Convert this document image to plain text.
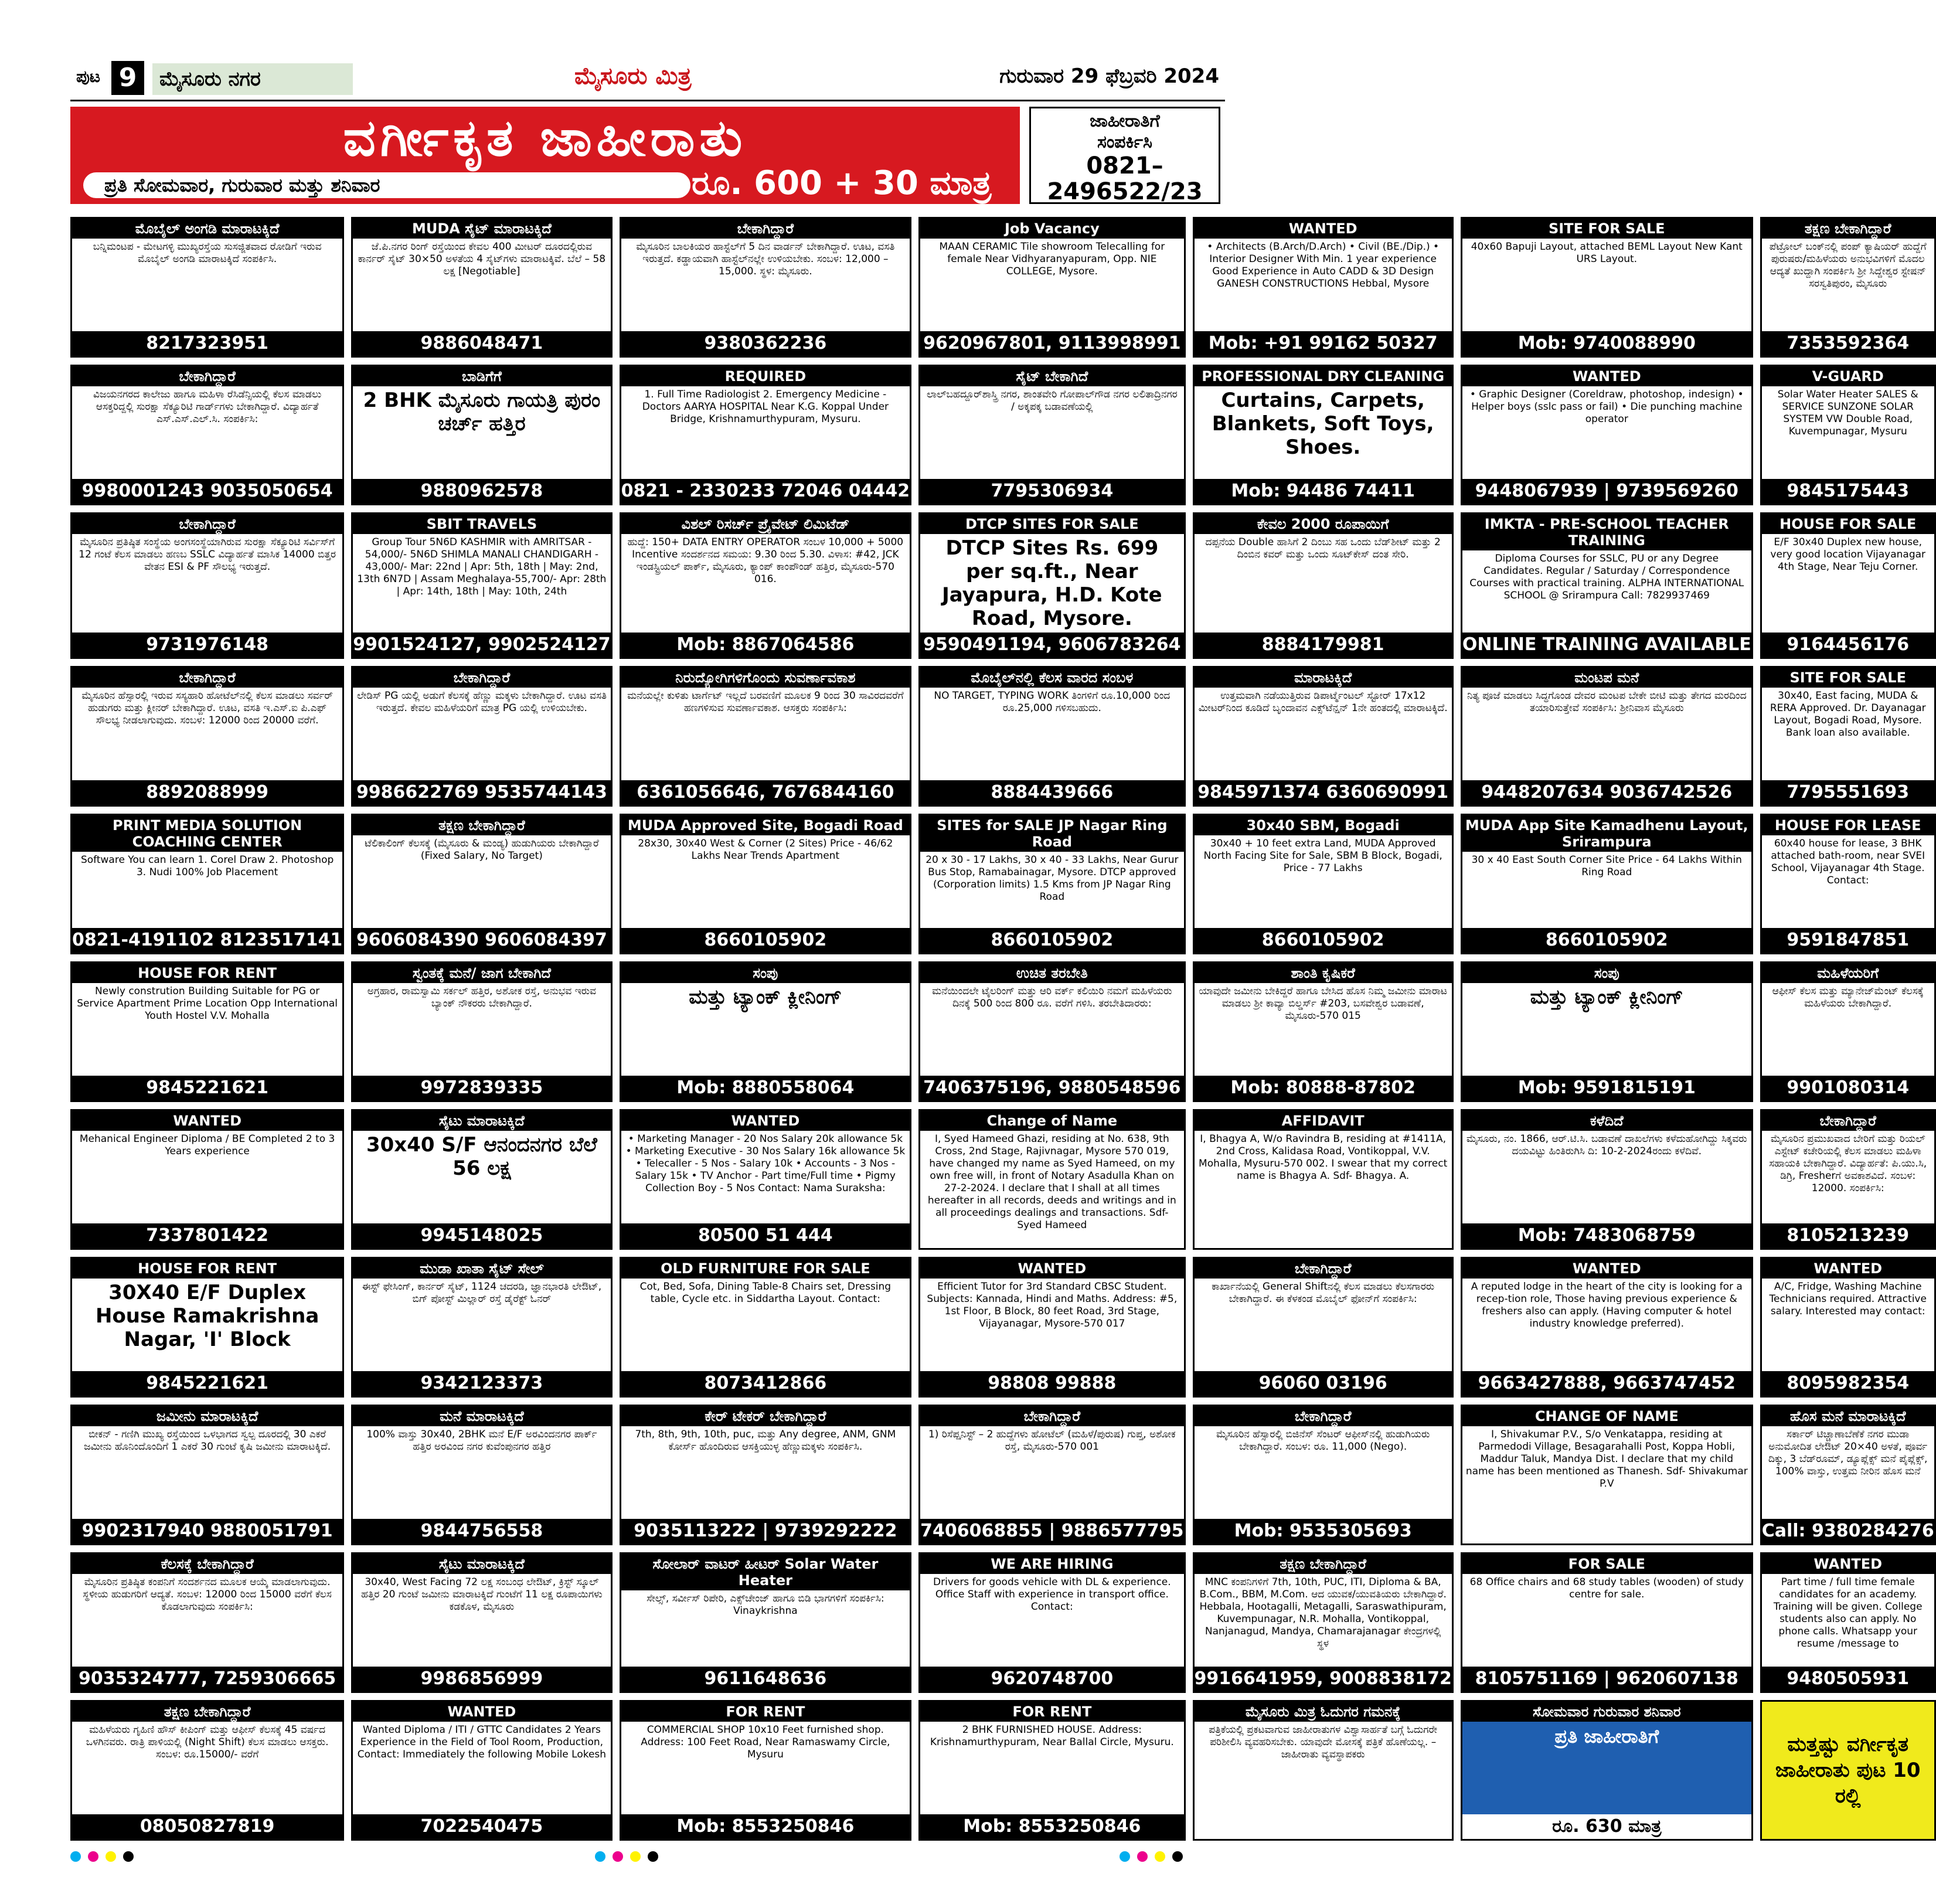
ಪುಟ 9	ಮೈಸೂರು ನಗರ	ಮೈಸೂರು ಮಿತ್ರ	ಗುರುವಾರ 29 ಫೆಬ್ರವರಿ 2024
ವರ್ಗೀಕೃತ ಜಾಹೀರಾತು
ಪ್ರತಿ ಸೋಮವಾರ, ಗುರುವಾರ ಮತ್ತು ಶನಿವಾರ	ರೂ. 600 + 30 ಮಾತ್ರ
ಜಾಹೀರಾತಿಗೆ
ಸಂಪರ್ಕಿಸಿ
0821–
2496522/23
ಮೊಬೈಲ್ ಅಂಗಡಿ ಮಾರಾಟಕ್ಕಿದೆ
ಬನ್ನಿಮಂಟಪ - ಮೇಟಗಳ್ಳಿ ಮುಖ್ಯರಸ್ತೆಯ ಸುಸಜ್ಜಿತವಾದ ರೋಡಿಗೆ ಇರುವ ಮೊಬೈಲ್ ಅಂಗಡಿ ಮಾರಾಟಕ್ಕಿದೆ ಸಂಪರ್ಕಿಸಿ.
8217323951
MUDA ಸೈಟ್ ಮಾರಾಟಕ್ಕಿದೆ
ಜೆ.ಪಿ.ನಗರ ರಿಂಗ್ ರಸ್ತೆಯಿಂದ ಕೇವಲ 400 ಮೀಟರ್ ದೂರದಲ್ಲಿರುವ ಕಾರ್ನರ್ ಸೈಟ್ 30×50 ಅಳತೆಯ 4 ಸೈಟ್‌ಗಳು ಮಾರಾಟಕ್ಕಿವೆ. ಬೆಲೆ – 58 ಲಕ್ಷ [Negotiable]
9886048471
ಬೇಕಾಗಿದ್ದಾರೆ
ಮೈಸೂರಿನ ಬಾಲಕಿಯರ ಹಾಸ್ಟೆಲ್‌ಗೆ 5 ದಿನ ವಾರ್ಡನ್ ಬೇಕಾಗಿದ್ದಾರೆ. ಊಟ, ವಸತಿ ಇರುತ್ತದೆ. ಕಡ್ಡಾಯವಾಗಿ ಹಾಸ್ಟೆಲ್‌ನಲ್ಲೇ ಉಳಿಯಬೇಕು. ಸಂಬಳ: 12,000 – 15,000. ಸ್ಥಳ: ಮೈಸೂರು.
9380362236
Job Vacancy
MAAN CERAMIC Tile showroom Telecalling for female Near Vidhyaranyapuram, Opp. NIE COLLEGE, Mysore.
9620967801, 9113998991
WANTED
• Architects (B.Arch/D.Arch) • Civil (BE./Dip.) • Interior Designer With Min. 1 year experience Good Experience in Auto CADD & 3D Design GANESH CONSTRUCTIONS Hebbal, Mysore
Mob: +91 99162 50327
SITE FOR SALE
40x60 Bapuji Layout, attached BEML Layout New Kant URS Layout.
Mob: 9740088990
ತಕ್ಷಣ ಬೇಕಾಗಿದ್ದಾರೆ
ಪೆಟ್ರೋಲ್ ಬಂಕ್‌ನಲ್ಲಿ ಪಂಪ್ ಕ್ಯಾಷಿಯರ್ ಹುದ್ದೆಗೆ ಪುರುಷರು/ಮಹಿಳೆಯರು ಅನುಭವಿಗಳಿಗೆ ಮೊದಲ ಆದ್ಯತೆ ಖುದ್ದಾಗಿ ಸಂಪರ್ಕಿಸಿ ಶ್ರೀ ಸಿದ್ದೇಶ್ವರ ಸ್ಟೇಷನ್ ಸರಸ್ವತಿಪುರಂ, ಮೈಸೂರು
7353592364
ಬೇಕಾಗಿದ್ದಾರೆ
ವಿಜಯನಗರದ ಕಾಲೇಜು ಹಾಗೂ ಮಹಿಳಾ ರೆಸಿಡೆನ್ಸಿಯಲ್ಲಿ ಕೆಲಸ ಮಾಡಲು ಆಸಕ್ತರಿದ್ದಲ್ಲಿ ಸುರಕ್ಷಾ ಸೆಕ್ಯೂರಿಟಿ ಗಾರ್ಡ್‌ಗಳು ಬೇಕಾಗಿದ್ದಾರೆ. ವಿದ್ಯಾರ್ಹತೆ ಎಸ್.ಎಸ್.ಎಲ್.ಸಿ. ಸಂಪರ್ಕಿಸಿ:
9980001243 9035050654
ಬಾಡಿಗೆಗೆ
2 BHK ಮೈಸೂರು ಗಾಯತ್ರಿ ಪುರಂ ಚರ್ಚ್ ಹತ್ತಿರ
9880962578
REQUIRED
1. Full Time Radiologist 2. Emergency Medicine - Doctors AARYA HOSPITAL Near K.G. Koppal Under Bridge, Krishnamurthypuram, Mysuru.
0821 - 2330233 72046 04442
ಸೈಟ್ ಬೇಕಾಗಿದೆ
ಲಾಲ್‌ಬಹದ್ದೂರ್‌ಶಾಸ್ತ್ರಿ ನಗರ, ಶಾಂತವೇರಿ ಗೋಪಾಲ್‌ಗೌಡ ನಗರ ಲಲಿತಾದ್ರಿನಗರ / ಅಕ್ಕಪಕ್ಕ ಬಡಾವಣೆಯಲ್ಲಿ
7795306934
PROFESSIONAL DRY CLEANING
Curtains, Carpets, Blankets, Soft Toys, Shoes.
Mob: 94486 74411
WANTED
• Graphic Designer (Coreldraw, photoshop, indesign) • Helper boys (sslc pass or fail) • Die punching machine operator
9448067939 | 9739569260
V-GUARD
Solar Water Heater SALES & SERVICE SUNZONE SOLAR SYSTEM VW Double Road, Kuvempunagar, Mysuru
9845175443
ಬೇಕಾಗಿದ್ದಾರೆ
ಮೈಸೂರಿನ ಪ್ರತಿಷ್ಠಿತ ಸಂಸ್ಥೆಯ ಅಂಗಸಂಸ್ಥೆಯಾಗಿರುವ ಸುರಕ್ಷಾ ಸೆಕ್ಯೂರಿಟಿ ಸರ್ವಿಸ್‌ಗೆ 12 ಗಂಟೆ ಕೆಲಸ ಮಾಡಲು ಹಣಬ SSLC ವಿದ್ಯಾರ್ಹತೆ ಮಾಸಿಕ 14000 ಬಿತ್ತರ ವೇತನ ESI & PF ಸೌಲಭ್ಯ ಇರುತ್ತದೆ.
9731976148
SBIT TRAVELS
Group Tour 5N6D KASHMIR with AMRITSAR - 54,000/- 5N6D SHIMLA MANALI CHANDIGARH - 43,000/- Mar: 22nd | Apr: 5th, 18th | May: 2nd, 13th 6N7D | Assam Meghalaya-55,700/- Apr: 28th | Apr: 14th, 18th | May: 10th, 24th
9901524127, 9902524127
ವಿಶಲ್ ರಿಸರ್ಚ್ ಪ್ರೈವೇಟ್ ಲಿಮಿಟೆಡ್
ಹುದ್ದೆ: 150+ DATA ENTRY OPERATOR ಸಂಬಳ 10,000 + 5000 Incentive ಸಂದರ್ಶನದ ಸಮಯ: 9.30 ರಿಂದ 5.30. ವಿಳಾಸ: #42, JCK ಇಂಡಸ್ಟ್ರಿಯಲ್ ಪಾರ್ಕ್, ಮೈಸೂರು, ಕ್ಯಾಂಪ್ ಕಾಂಪೌಂಡ್ ಹತ್ತಿರ, ಮೈಸೂರು-570 016.
Mob: 8867064586
DTCP SITES FOR SALE
DTCP Sites Rs. 699 per sq.ft., Near Jayapura, H.D. Kote Road, Mysore.
9590491194, 9606783264
ಕೇವಲ 2000 ರೂಪಾಯಿಗೆ
ದಪ್ಪನೆಯ Double ಹಾಸಿಗೆ 2 ದಿಂಬು ಸಹ ಒಂದು ಬೆಡ್‌ಶೀಟ್ ಮತ್ತು 2 ದಿಂಬಿನ ಕವರ್ ಮತ್ತು ಒಂದು ಸೂಟ್‌ಕೇಸ್ ದಂತ ಸೇರಿ.
8884179981
IMKTA - PRE-SCHOOL TEACHER TRAINING
Diploma Courses for SSLC, PU or any Degree Candidates. Regular / Saturday / Correspondence Courses with practical training. ALPHA INTERNATIONAL SCHOOL @ Srirampura Call: 7829937469
ONLINE TRAINING AVAILABLE
HOUSE FOR SALE
E/F 30x40 Duplex new house, very good location Vijayanagar 4th Stage, Near Teju Corner.
9164456176
ಬೇಕಾಗಿದ್ದಾರೆ
ಮೈಸೂರಿನ ಹೆಸ್ಸಾರಲ್ಲಿ ಇರುವ ಸಸ್ಯಹಾರಿ ಹೋಟೆಲ್‌ನಲ್ಲಿ ಕೆಲಸ ಮಾಡಲು ಸರ್ವರ್ ಹುಡುಗರು ಮತ್ತು ಕ್ಲೀನರ್ ಬೇಕಾಗಿದ್ದಾರೆ. ಊಟ, ವಸತಿ ಇ.ಎಸ್.ಐ ಪಿ.ಎಫ್ ಸೌಲಭ್ಯ ನೀಡಲಾಗುವುದು. ಸಂಬಳ: 12000 ರಿಂದ 20000 ವರೆಗೆ.
8892088999
ಬೇಕಾಗಿದ್ದಾರೆ
ಲೇಡಿಸ್ PG ಯಲ್ಲಿ ಅಡುಗೆ ಕೆಲಸಕ್ಕೆ ಹೆಣ್ಣು ಮಕ್ಕಳು ಬೇಕಾಗಿದ್ದಾರೆ. ಊಟ ವಸತಿ ಇರುತ್ತದೆ. ಕೇವಲ ಮಹಿಳೆಯರಿಗೆ ಮಾತ್ರ PG ಯಲ್ಲಿ ಉಳಿಯಬೇಕು.
9986622769 9535744143
ನಿರುದ್ಯೋಗಿಗಳಿಗೊಂದು ಸುವರ್ಣಾವಕಾಶ
ಮನೆಯಲ್ಲೇ ಕುಳಿತು ಟಾರ್ಗೆಟ್ ಇಲ್ಲದೆ ಬರವಣಿಗೆ ಮೂಲಕ 9 ರಿಂದ 30 ಸಾವಿರದವರೆಗೆ ಹಣಗಳಿಸುವ ಸುವರ್ಣಾವಕಾಶ. ಆಸಕ್ತರು ಸಂಪರ್ಕಿಸಿ:
6361056646, 7676844160
ಮೊಬೈಲ್‌ನಲ್ಲಿ ಕೆಲಸ ವಾರದ ಸಂಬಳ
NO TARGET, TYPING WORK ತಿಂಗಳಿಗೆ ರೂ.10,000 ರಿಂದ ರೂ.25,000 ಗಳಿಸಬಹುದು.
8884439666
ಮಾರಾಟಕ್ಕಿದೆ
ಉತ್ತಮವಾಗಿ ನಡೆಯುತ್ತಿರುವ ಡಿಪಾರ್ಟ್ಮೆಂಟಲ್ ಸ್ಟೋರ್ 17x12 ಮೀಟರ್‌ನಿಂದ ಕೂಡಿದೆ ಬೃಂದಾವನ ಎಕ್ಸ್‌ಟೆನ್ಷನ್ 1ನೇ ಹಂತದಲ್ಲಿ ಮಾರಾಟಕ್ಕಿದೆ.
9845971374 6360690991
ಮಂಟಪ ಮನೆ
ನಿತ್ಯ ಪೂಜೆ ಮಾಡಲು ಸಿದ್ಧಗೊಂಡ ದೇವರ ಮಂಟಪ ಬೇಕೇ ಬೀಟಿ ಮತ್ತು ತೇಗದ ಮರದಿಂದ ತಯಾರಿಸುತ್ತೇವೆ ಸಂಪರ್ಕಿಸಿ: ಶ್ರೀನಿವಾಸ ಮೈಸೂರು
9448207634 9036742526
SITE FOR SALE
30x40, East facing, MUDA & RERA Approved. Dr. Dayanagar Layout, Bogadi Road, Mysore. Bank loan also available.
7795551693
PRINT MEDIA SOLUTION COACHING CENTER
Software You can learn 1. Corel Draw 2. Photoshop 3. Nudi 100% Job Placement
0821-4191102 8123517141
ತಕ್ಷಣ ಬೇಕಾಗಿದ್ದಾರೆ
ಟೆಲಿಕಾಲಿಂಗ್ ಕೆಲಸಕ್ಕೆ (ಮೈಸೂರು & ಮಂಡ್ಯ) ಹುಡುಗಿಯರು ಬೇಕಾಗಿದ್ದಾರೆ (Fixed Salary, No Target)
9606084390 9606084397
MUDA Approved Site, Bogadi Road
28x30, 30x40 West & Corner (2 Sites) Price - 46/62 Lakhs Near Trends Apartment
8660105902
SITES for SALE JP Nagar Ring Road
20 x 30 - 17 Lakhs, 30 x 40 - 33 Lakhs, Near Gurur Bus Stop, Ramabainagar, Mysore. DTCP approved (Corporation limits) 1.5 Kms from JP Nagar Ring Road
8660105902
30x40 SBM, Bogadi
30x40 + 10 feet extra Land, MUDA Approved North Facing Site for Sale, SBM B Block, Bogadi, Price - 77 Lakhs
8660105902
MUDA App Site Kamadhenu Layout, Srirampura
30 x 40 East South Corner Site Price - 64 Lakhs Within Ring Road
8660105902
HOUSE FOR LEASE
60x40 house for lease, 3 BHK attached bath-room, near SVEI School, Vijayanagar 4th Stage. Contact:
9591847851
HOUSE FOR RENT
Newly constrution Building Suitable for PG or Service Apartment Prime Location Opp International Youth Hostel V.V. Mohalla
9845221621
ಸ್ವಂತಕ್ಕೆ ಮನೆ/ ಜಾಗ ಬೇಕಾಗಿದೆ
ಅಗ್ರಹಾರ, ರಾಮಸ್ವಾಮಿ ಸರ್ಕಲ್ ಹತ್ತಿರ, ಅಶೋಕ ರಸ್ತೆ, ಅನುಭವ ಇರುವ ಬ್ಯಾಂಕ್ ನೌಕರರು ಬೇಕಾಗಿದ್ದಾರೆ.
9972839335
ಸಂಪು
ಮತ್ತು ಟ್ಯಾಂಕ್ ಕ್ಲೀನಿಂಗ್
Mob: 8880558064
ಉಚಿತ ತರಬೇತಿ
ಮನೆಯಿಂದಲೇ ಟೈಲರಿಂಗ್ ಮತ್ತು ಆರಿ ವರ್ಕ್ ಕಲಿಯಿರಿ ನಮಗೆ ಮಹಿಳೆಯರು ದಿನಕ್ಕೆ 500 ರಿಂದ 800 ರೂ. ವರೆಗೆ ಗಳಿಸಿ. ತರಬೇತಿದಾರರು:
7406375196, 9880548596
ಶಾಂತಿ ಕೃಷಿಕರೆ
ಯಾವುದೇ ಜಮೀನು ಬೇಕಿದ್ದರೆ ಹಾಗೂ ಬೇಸಿದ ಹೊಸ ನಿಮ್ಮ ಜಮೀನು ಮಾರಾಟ ಮಾಡಲು ಶ್ರೀ ಕಾವ್ಯಾ ಬಿಲ್ಡರ್ಸ್ #203, ಬಸವೇಶ್ವರ ಬಡಾವಣೆ, ಮೈಸೂರು-570 015
Mob: 80888-87802
ಸಂಪು
ಮತ್ತು ಟ್ಯಾಂಕ್ ಕ್ಲೀನಿಂಗ್
Mob: 9591815191
ಮಹಿಳೆಯರಿಗೆ
ಆಫೀಸ್ ಕೆಲಸ ಮತ್ತು ಮ್ಯಾನೇಜ್‌ಮೆಂಟ್ ಕೆಲಸಕ್ಕೆ ಮಹಿಳೆಯರು ಬೇಕಾಗಿದ್ದಾರೆ.
9901080314
WANTED
Mehanical Engineer Diploma / BE Completed 2 to 3 Years experience
7337801422
ಸೈಟು ಮಾರಾಟಕ್ಕಿದೆ
30x40 S/F ಆನಂದನಗರ ಬೆಲೆ 56 ಲಕ್ಷ
9945148025
WANTED
• Marketing Manager - 20 Nos Salary 20k allowance 5k • Marketing Executive - 30 Nos Salary 16k allowance 5k • Telecaller - 5 Nos - Salary 10k • Accounts - 3 Nos - Salary 15k • TV Anchor - Part time/Full time • Pigmy Collection Boy - 5 Nos Contact: Nama Suraksha:
80500 51 444
Change of Name
I, Syed Hameed Ghazi, residing at No. 638, 9th Cross, 2nd Stage, Rajivnagar, Mysore 570 019, have changed my name as Syed Hameed, on my own free will, in front of Notary Asadulla Khan on 27-2-2024. I declare that I shall at all times hereafter in all records, deeds and writings and in all proceedings dealings and transactions. Sdf- Syed Hameed
AFFIDAVIT
I, Bhagya A, W/o Ravindra B, residing at #1411A, 2nd Cross, Kalidasa Road, Vontikoppal, V.V. Mohalla, Mysuru-570 002. I swear that my correct name is Bhagya A. Sdf- Bhagya. A.
ಕಳೆದಿದೆ
ಮೈಸೂರು, ನಂ. 1866, ಆರ್.ಟಿ.ಸಿ. ಬಡಾವಣೆ ದಾಖಲೆಗಳು ಕಳೆದುಹೋಗಿದ್ದು ಸಿಕ್ಕವರು ದಯವಿಟ್ಟು ಹಿಂತಿರುಗಿಸಿ ದಿ: 10-2-2024ರಂದು ಕಳೆದಿವೆ.
Mob: 7483068759
ಬೇಕಾಗಿದ್ದಾರೆ
ಮೈಸೂರಿನ ಪ್ರಮುಖವಾದ ಬೇರಿಗೆ ಮತ್ತು ರಿಯಲ್ ಎಸ್ಟೇಟ್ ಕಚೇರಿಯಲ್ಲಿ ಕೆಲಸ ಮಾಡಲು ಮಹಿಳಾ ಸಹಾಯಕಿ ಬೇಕಾಗಿದ್ದಾರೆ. ವಿದ್ಯಾರ್ಹತೆ: ಪಿ.ಯು.ಸಿ, ಡಿಗ್ರಿ, Fresherಗೆ ಅವಕಾಶವಿದೆ. ಸಂಬಳ: 12000. ಸಂಪರ್ಕಿಸಿ:
8105213239
HOUSE FOR RENT
30X40 E/F Duplex House Ramakrishna Nagar, 'I' Block
9845221621
ಮುಡಾ ಖಾತಾ ಸೈಟ್ ಸೇಲ್
ಈಸ್ಟ್ ಫೇಸಿಂಗ್, ಕಾರ್ನರ್ ಸೈಟ್, 1124 ಚದರಡಿ, ಜ್ಞಾನಭಾರತಿ ಲೇಔಟ್, ಬಿಗ್ ಪೋಸ್ಟ್ ಮಿಲ್ಲಾರ್ ರಸ್ತೆ ಡೈರೆಕ್ಟ್ ಓನರ್
9342123373
OLD FURNITURE FOR SALE
Cot, Bed, Sofa, Dining Table-8 Chairs set, Dressing table, Cycle etc. in Siddartha Layout. Contact:
8073412866
WANTED
Efficient Tutor for 3rd Standard CBSC Student. Subjects: Kannada, Hindi and Maths. Address: #5, 1st Floor, B Block, 80 feet Road, 3rd Stage, Vijayanagar, Mysore-570 017
98808 99888
ಬೇಕಾಗಿದ್ದಾರೆ
ಕಾರ್ಖಾನೆಯಲ್ಲಿ General Shiftನಲ್ಲಿ ಕೆಲಸ ಮಾಡಲು ಕೆಲಸಗಾರರು ಬೇಕಾಗಿದ್ದಾರೆ. ಈ ಕೆಳಕಂಡ ಮೊಬೈಲ್ ಫೋನ್‌ಗೆ ಸಂಪರ್ಕಿಸಿ:
96060 03196
WANTED
A reputed lodge in the heart of the city is looking for a recep-tion role, Those having previous experience & freshers also can apply. (Having computer & hotel industry knowledge preferred).
9663427888, 9663747452
WANTED
A/C, Fridge, Washing Machine Technicians required. Attractive salary. Interested may contact:
8095982354
ಜಮೀನು ಮಾರಾಟಕ್ಕಿದೆ
ಬೀಕನ್ - ಗಣಿಗಿ ಮುಖ್ಯ ರಸ್ತೆಯಿಂದ ಒಳಭಾಗದ ಸ್ವಲ್ಪ ದೂರದಲ್ಲಿ 30 ಎಕರೆ ಜಮೀನು ಹೊನಿಂದೊಂದಿಗೆ 1 ಎಕರೆ 30 ಗುಂಟೆ ಕೃಷಿ ಜಮೀನು ಮಾರಾಟಕ್ಕಿದೆ.
9902317940 9880051791
ಮನೆ ಮಾರಾಟಕ್ಕಿದೆ
100% ವಾಸ್ತು 30x40, 2BHK ಮನೆ E/F ಅರವಿಂದನಗರ ಪಾರ್ಕ್ ಹತ್ತಿರ ಅರವಿಂದ ನಗರ ಕುವೆಂಪುನಗರ ಹತ್ತಿರ
9844756558
ಕೇರ್ ಟೇಕರ್ ಬೇಕಾಗಿದ್ದಾರೆ
7th, 8th, 9th, 10th, puc, ಮತ್ತು Any degree, ANM, GNM ಕೋರ್ಸ್ ಹೊಂದಿರುವ ಆಸಕ್ತಿಯುಳ್ಳ ಹೆಣ್ಣುಮಕ್ಕಳು ಸಂಪರ್ಕಿಸಿ.
9035113222 | 9739292222
ಬೇಕಾಗಿದ್ದಾರೆ
1) ರಿಸೆಪ್ಷನಿಸ್ಟ್ – 2 ಹುದ್ದೆಗಳು ಹೋಟೆಲ್ (ಮಹಿಳೆ/ಪುರುಷ) ಗುಪ್ತ, ಅಶೋಕ ರಸ್ತೆ, ಮೈಸೂರು-570 001
7406068855 | 9886577795
ಬೇಕಾಗಿದ್ದಾರೆ
ಮೈಸೂರಿನ ಹೆಸ್ಸಾರಲ್ಲಿ ಬಿಜಿನೆಸ್ ಸೆಂಟರ್ ಆಫೀಸ್‌ನಲ್ಲಿ ಹುಡುಗಿಯರು ಬೇಕಾಗಿದ್ದಾರೆ. ಸಂಬಳ: ರೂ. 11,000 (Nego).
Mob: 9535305693
CHANGE OF NAME
I, Shivakumar P.V., S/o Venkatappa, residing at Parmedodi Village, Besagarahalli Post, Koppa Hobli, Maddur Taluk, Mandya Dist. I declare that my child name has been mentioned as Thanesh. Sdf- Shivakumar P.V
ಹೊಸ ಮನೆ ಮಾರಾಟಕ್ಕಿದೆ
ಸರ್ಕಾರ್ ಟಿಚ್ಚಾಣಾಬೆಣೆಕೆ ನಗರ ಮುಡಾ ಅನುಮೋದಿತ ಲೇಔಟ್ 20×40 ಅಳತೆ, ಪೂರ್ವ ದಿಕ್ಕು, 3 ಬೆಡ್‌ರೂಮ್, ಡ್ಯೂಪ್ಲೆಕ್ಸ್ ಮನೆ ಪೈಪ್ಲೆಕ್ಸ್, 100% ವಾಸ್ತು, ಉತ್ತಮ ನೀರಿನ ಹೊಸ ಮನೆ
Call: 9380284276
ಕೆಲಸಕ್ಕೆ ಬೇಕಾಗಿದ್ದಾರೆ
ಮೈಸೂರಿನ ಪ್ರತಿಷ್ಠಿತ ಕಂಪನಿಗೆ ಸಂದರ್ಶನದ ಮೂಲಕ ಆಯ್ಕೆ ಮಾಡಲಾಗುವುದು. ಸ್ಥಳೀಯ ಹುಡುಗರಿಗೆ ಆದ್ಯತೆ. ಸಂಬಳ: 12000 ರಿಂದ 15000 ವರೆಗೆ ಕೆಲಸ ಕೊಡಲಾಗುವುದು ಸಂಪರ್ಕಿಸಿ:
9035324777, 7259306665
ಸೈಟು ಮಾರಾಟಕ್ಕಿದೆ
30x40, West Facing 72 ಲಕ್ಷ ಸಂಬಂಧ ಲೇಔಟ್, ಕ್ರಿಸ್ಟ್ ಸ್ಕೂಲ್ ಹತ್ತಿರ 20 ಗುಂಟೆ ಜಮೀನು ಮಾರಾಟಕ್ಕಿದೆ ಗುಂಟೆಗೆ 11 ಲಕ್ಷ ರೂಪಾಯಿಗಳು ಕಡಕೊಳ, ಮೈಸೂರು
9986856999
ಸೋಲಾರ್ ವಾಟರ್ ಹೀಟರ್ Solar Water Heater
ಸೇಲ್ಸ್, ಸರ್ವೀಸ್ ರಿಪೇರಿ, ಎಕ್ಸ್‌ಚೇಂಜ್ ಹಾಗೂ ಬಿಡಿ ಭಾಗಗಳಿಗೆ ಸಂಪರ್ಕಿಸಿ: Vinaykrishna
9611648636
WE ARE HIRING
Drivers for goods vehicle with DL & experience. Office Staff with experience in transport office. Contact:
9620748700
ತಕ್ಷಣ ಬೇಕಾಗಿದ್ದಾರೆ
MNC ಕಂಪನಿಗಳಿಗೆ 7th, 10th, PUC, ITI, Diploma & BA, B.Com., BBM, M.Com. ಆದ ಯುವಕ/ಯುವತಿಯರು ಬೇಕಾಗಿದ್ದಾರೆ. Hebbala, Hootagalli, Metagalli, Saraswathipuram, Kuvempunagar, N.R. Mohalla, Vontikoppal, Nanjanagud, Mandya, Chamarajanagar ಕೇಂದ್ರಗಳಲ್ಲಿ ಸ್ಥಳ
9916641959, 9008838172
FOR SALE
68 Office chairs and 68 study tables (wooden) of study centre for sale.
8105751169 | 9620607138
WANTED
Part time / full time female candidates for an academy. Training will be given. College students also can apply. No phone calls. Whatsapp your resume /message to
9480505931
ತಕ್ಷಣ ಬೇಕಾಗಿದ್ದಾರೆ
ಮಹಿಳೆಯರು ಗೃಹಿಣಿ ಹೌಸ್ ಕೀಪಿಂಗ್ ಮತ್ತು ಆಫೀಸ್ ಕೆಲಸಕ್ಕೆ 45 ವರ್ಷದ ಒಳಗಿನವರು. ರಾತ್ರಿ ಪಾಳಿಯಲ್ಲಿ (Night Shift) ಕೆಲಸ ಮಾಡಲು ಆಸಕ್ತರು. ಸಂಬಳ: ರೂ.15000/- ವರೆಗೆ
08050827819
WANTED
Wanted Diploma / ITI / GTTC Candidates 2 Years Experience in the Field of Tool Room, Production, Contact: Immediately the following Mobile Lokesh
7022540475
FOR RENT
COMMERCIAL SHOP 10x10 Feet furnished shop. Address: 100 Feet Road, Near Ramaswamy Circle, Mysuru
Mob: 8553250846
FOR RENT
2 BHK FURNISHED HOUSE. Address: Krishnamurthypuram, Near Ballal Circle, Mysuru.
Mob: 8553250846
ಮೈಸೂರು ಮಿತ್ರ ಓದುಗರ ಗಮನಕ್ಕೆ
ಪತ್ರಿಕೆಯಲ್ಲಿ ಪ್ರಕಟವಾಗುವ ಜಾಹೀರಾತುಗಳ ವಿಶ್ವಾಸಾರ್ಹತೆ ಬಗ್ಗೆ ಓದುಗರೇ ಪರಿಶೀಲಿಸಿ ವ್ಯವಹರಿಸಬೇಕು. ಯಾವುದೇ ಮೋಸಕ್ಕೆ ಪತ್ರಿಕೆ ಹೊಣೆಯಲ್ಲ. –ಜಾಹೀರಾತು ವ್ಯವಸ್ಥಾಪಕರು
ಸೋಮವಾರ ಗುರುವಾರ ಶನಿವಾರ
ಪ್ರತಿ ಜಾಹೀರಾತಿಗೆ
ರೂ. 630 ಮಾತ್ರ
ಮತ್ತಷ್ಟು ವರ್ಗೀಕೃತ ಜಾಹೀರಾತು ಪುಟ 10 ರಲ್ಲಿ
